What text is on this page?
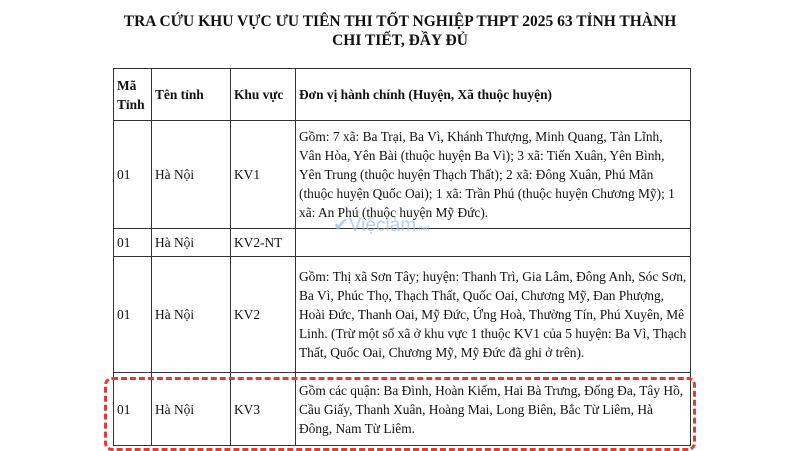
TRA CỨU KHU VỰC ƯU TIÊN THI TỐT NGHIỆP THPT 2025 63 TỈNH THÀNH
CHI TIẾT, ĐẦY ĐỦ
Mã Tỉnh	Tên tỉnh	Khu vực	Đơn vị hành chính (Huyện, Xã thuộc huyện)
01	Hà Nội	KV1	Gồm: 7 xã: Ba Trại, Ba Vì, Khánh Thượng, Minh Quang, Tản Lĩnh, Vân Hòa, Yên Bài (thuộc huyện Ba Vì); 3 xã: Tiến Xuân, Yên Bình, Yên Trung (thuộc huyện Thạch Thất); 2 xã: Đông Xuân, Phú Mãn (thuộc huyện Quốc Oai); 1 xã: Trần Phú (thuộc huyện Chương Mỹ); 1 xã: An Phú (thuộc huyện Mỹ Đức).
01	Hà Nội	KV2-NT	
01	Hà Nội	KV2	Gồm: Thị xã Sơn Tây; huyện: Thanh Trì, Gia Lâm, Đông Anh, Sóc Sơn, Ba Vì, Phúc Thọ, Thạch Thất, Quốc Oai, Chương Mỹ, Đan Phượng, Hoài Đức, Thanh Oai, Mỹ Đức, Ứng Hoà, Thường Tín, Phú Xuyên, Mê Linh. (Trừ một số xã ở khu vực 1 thuộc KV1 của 5 huyện: Ba Vì, Thạch Thất, Quốc Oai, Chương Mỹ, Mỹ Đức đã ghi ở trên).
01	Hà Nội	KV3	Gồm các quận: Ba Đình, Hoàn Kiếm, Hai Bà Trưng, Đống Đa, Tây Hồ, Cầu Giấy, Thanh Xuân, Hoàng Mai, Long Biên, Bắc Từ Liêm, Hà Đông, Nam Từ Liêm.
✔Việclàm.net
